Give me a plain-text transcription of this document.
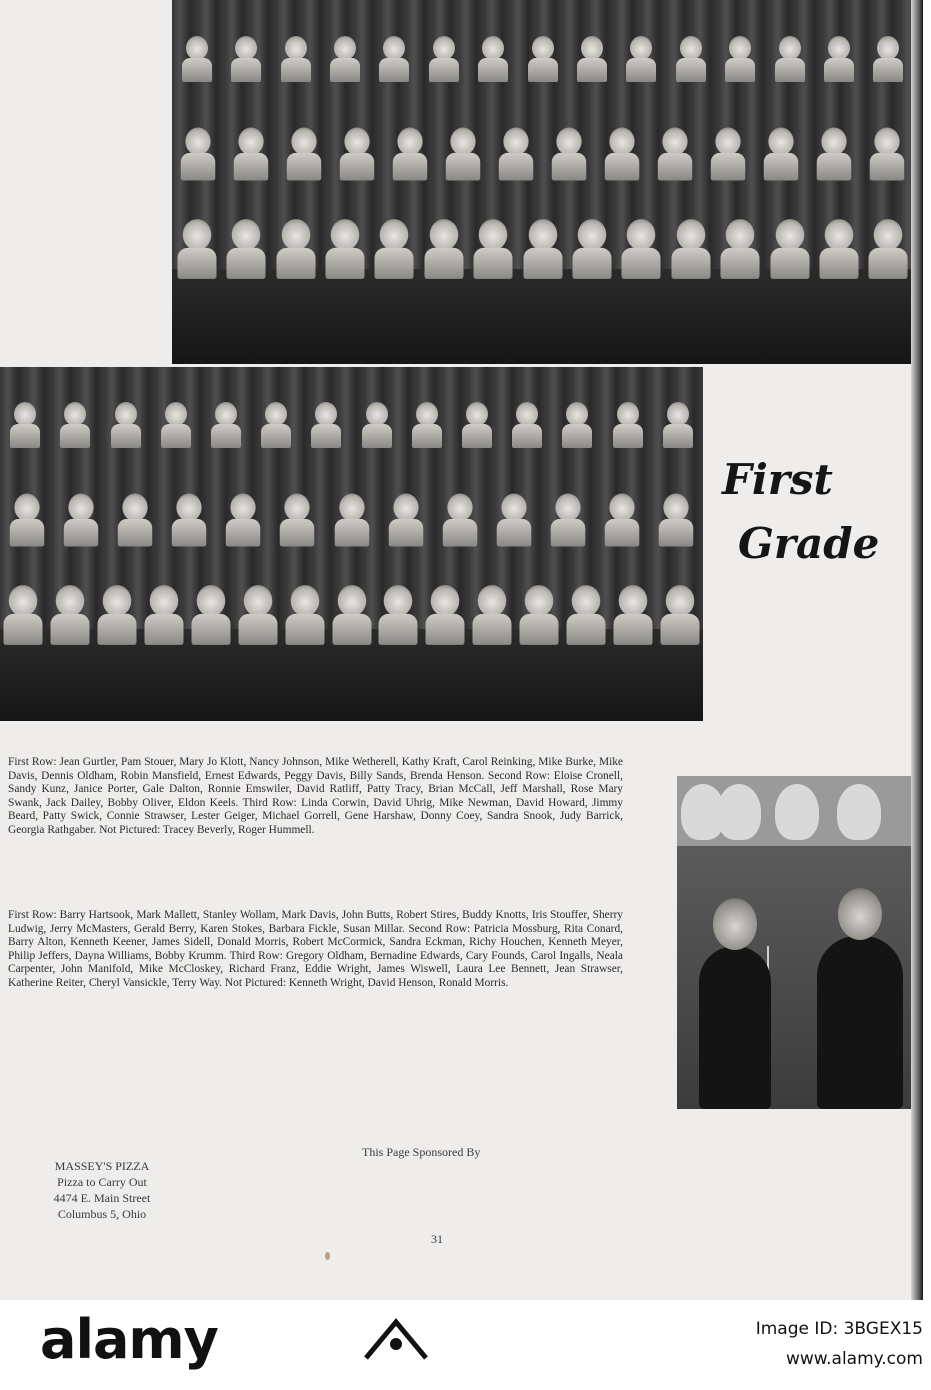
First
Grade

First Row: Jean Gurtler, Pam Stouer, Mary Jo Klott, Nancy Johnson, Mike Wetherell, Kathy Kraft, Carol Reinking, Mike Burke, Mike Davis, Dennis Oldham, Robin Mansfield, Ernest Edwards, Peggy Davis, Billy Sands, Brenda Henson. Second Row: Eloise Cronell, Sandy Kunz, Janice Porter, Gale Dalton, Ronnie Emswiler, David Ratliff, Patty Tracy, Brian McCall, Jeff Marshall, Rose Mary Swank, Jack Dailey, Bobby Oliver, Eldon Keels. Third Row: Linda Corwin, David Uhrig, Mike Newman, David Howard, Jimmy Beard, Patty Swick, Connie Strawser, Lester Geiger, Michael Gorrell, Gene Harshaw, Donny Coey, Sandra Snook, Judy Barrick, Georgia Rathgaber. Not Pictured: Tracey Beverly, Roger Hummell.

First Row: Barry Hartsook, Mark Mallett, Stanley Wollam, Mark Davis, John Butts, Robert Stires, Buddy Knotts, Iris Stouffer, Sherry Ludwig, Jerry McMasters, Gerald Berry, Karen Stokes, Barbara Fickle, Susan Millar. Second Row: Patricia Mossburg, Rita Conard, Barry Alton, Kenneth Keener, James Sidell, Donald Morris, Robert McCormick, Sandra Eckman, Richy Houchen, Kenneth Meyer, Philip Jeffers, Dayna Williams, Bobby Krumm. Third Row: Gregory Oldham, Bernadine Edwards, Cary Founds, Carol Ingalls, Neala Carpenter, John Manifold, Mike McCloskey, Richard Franz, Eddie Wright, James Wiswell, Laura Lee Bennett, Jean Strawser, Katherine Reiter, Cheryl Vansickle, Terry Way. Not Pictured: Kenneth Wright, David Henson, Ronald Morris.

This Page Sponsored By
MASSEY'S PIZZA
Pizza to Carry Out
4474 E. Main Street
Columbus 5, Ohio
31
alamy	Image ID: 3BGEX15
www.alamy.com
